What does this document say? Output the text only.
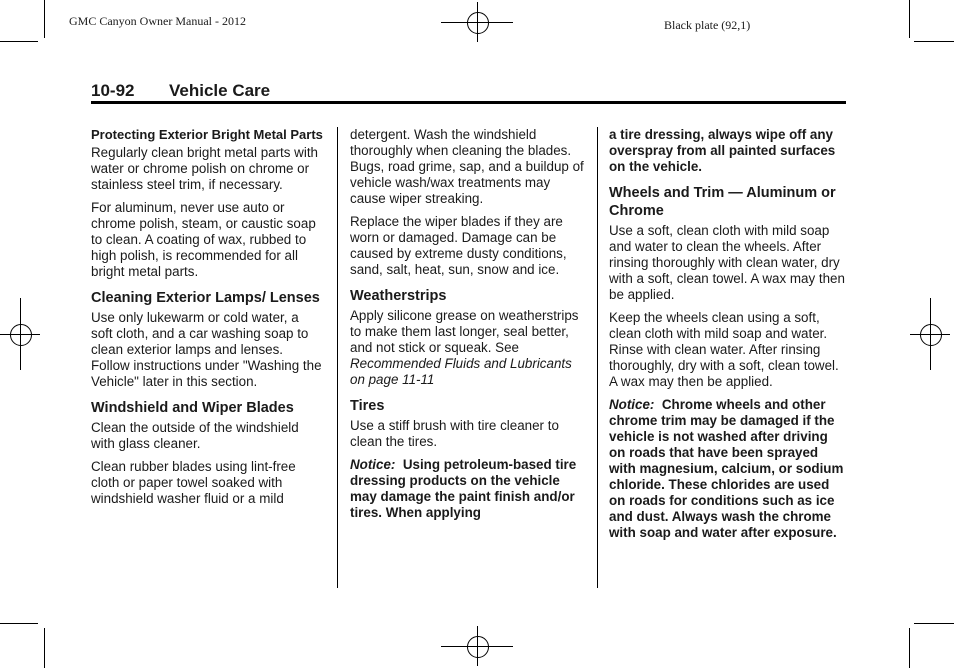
GMC Canyon Owner Manual - 2012	Black plate (92,1)
10-92 Vehicle Care
Protecting Exterior Bright Metal Parts

Regularly clean bright metal parts with water or chrome polish on chrome or stainless steel trim, if necessary.

For aluminum, never use auto or chrome polish, steam, or caustic soap to clean. A coating of wax, rubbed to high polish, is recommended for all bright metal parts.

Cleaning Exterior Lamps/ Lenses

Use only lukewarm or cold water, a soft cloth, and a car washing soap to clean exterior lamps and lenses. Follow instructions under "Washing the Vehicle" later in this section.

Windshield and Wiper Blades

Clean the outside of the windshield with glass cleaner.

Clean rubber blades using lint-free cloth or paper towel soaked with windshield washer fluid or a mild

detergent. Wash the windshield thoroughly when cleaning the blades. Bugs, road grime, sap, and a buildup of vehicle wash/wax treatments may cause wiper streaking.

Replace the wiper blades if they are worn or damaged. Damage can be caused by extreme dusty conditions, sand, salt, heat, sun, snow and ice.

Weatherstrips

Apply silicone grease on weatherstrips to make them last longer, seal better, and not stick or squeak. See Recommended Fluids and Lubricants on page 11-11

Tires

Use a stiff brush with tire cleaner to clean the tires.

Notice: Using petroleum-based tire dressing products on the vehicle may damage the paint finish and/or tires. When applying

a tire dressing, always wipe off any overspray from all painted surfaces on the vehicle.

Wheels and Trim — Aluminum or Chrome

Use a soft, clean cloth with mild soap and water to clean the wheels. After rinsing thoroughly with clean water, dry with a soft, clean towel. A wax may then be applied.

Keep the wheels clean using a soft, clean cloth with mild soap and water. Rinse with clean water. After rinsing thoroughly, dry with a soft, clean towel. A wax may then be applied.

Notice: Chrome wheels and other chrome trim may be damaged if the vehicle is not washed after driving on roads that have been sprayed with magnesium, calcium, or sodium chloride. These chlorides are used on roads for conditions such as ice and dust. Always wash the chrome with soap and water after exposure.
